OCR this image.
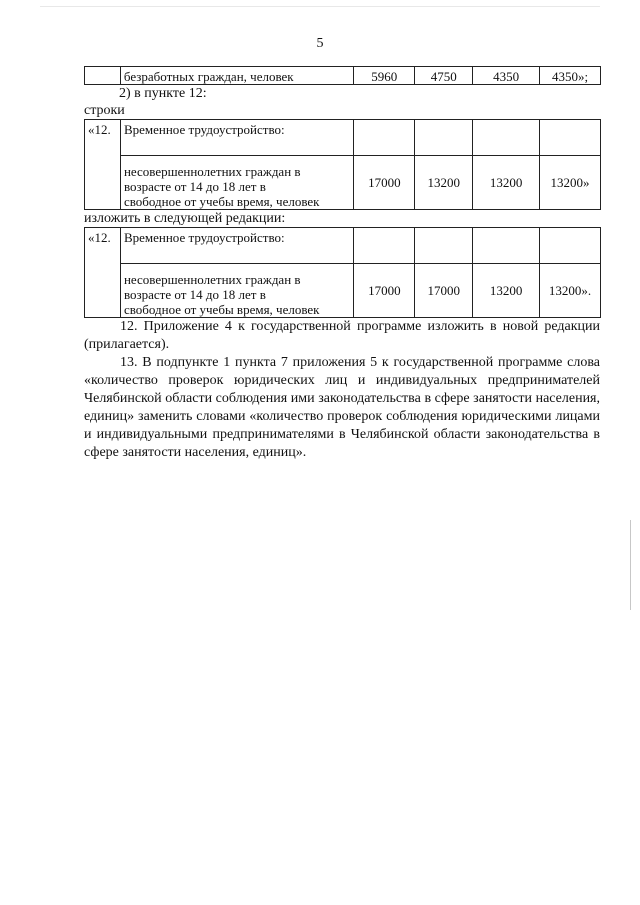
5
	безработных граждан, человек	5960	4750	4350	4350»;
2) в пункте 12:
строки
«12.	Временное трудоустройство:				

	несовершеннолетних граждан в
возрасте от 14 до 18 лет в
свободное от учебы время, человек	17000	13200	13200	13200»
изложить в следующей редакции:
«12.	Временное трудоустройство:				

	несовершеннолетних граждан в
возрасте от 14 до 18 лет в
свободное от учебы время, человек	17000	17000	13200	13200».

12. Приложение 4 к государственной программе изложить в новой редакции (прилагается).

13. В подпункте 1 пункта 7 приложения 5 к государственной программе слова «количество проверок юридических лиц и индивидуальных предпринимателей Челябинской области соблюдения ими законодательства в сфере занятости населения, единиц» заменить словами «количество проверок соблюдения юридическими лицами и индивидуальными предпринимателями в Челябинской области законодательства в сфере занятости населения, единиц».
